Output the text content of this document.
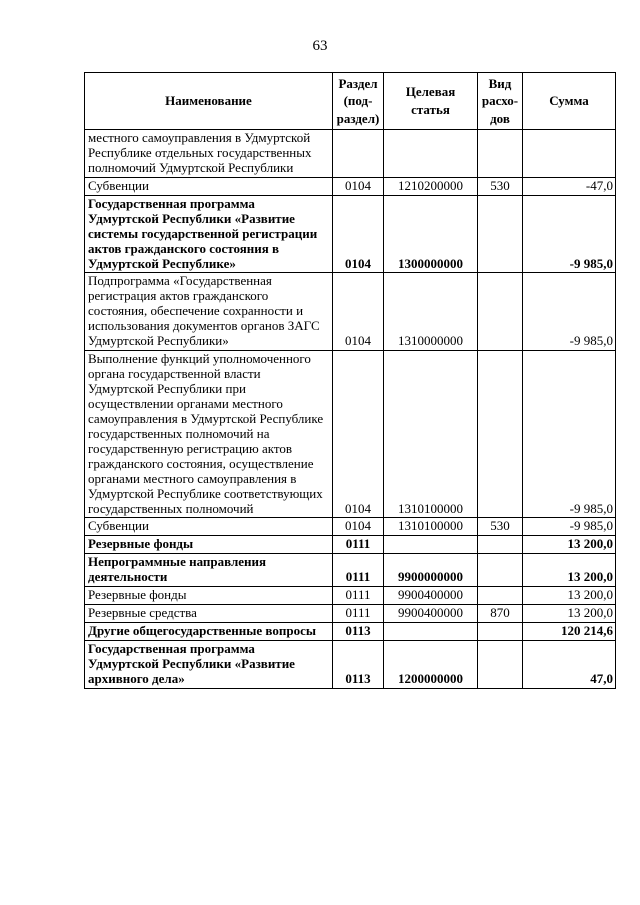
63
Наименование	Раздел (под-раздел)	Целевая статья	Вид расхо-дов	Сумма
местного самоуправления в Удмуртской Республике отдельных государственных полномочий Удмуртской Республики				
Субвенции	0104	1210200000	530	-47,0
Государственная программа Удмуртской Республики «Развитие системы государственной регистрации актов гражданского состояния в Удмуртской Республике»	0104	1300000000		-9 985,0
Подпрограмма «Государственная регистрация актов гражданского состояния, обеспечение сохранности и использования документов органов ЗАГС Удмуртской Республики»	0104	1310000000		-9 985,0
Выполнение функций уполномоченного органа государственной власти Удмуртской Республики при осуществлении органами местного самоуправления в Удмуртской Республике государственных полномочий на государственную регистрацию актов гражданского состояния, осуществление органами местного самоуправления в Удмуртской Республике соответствующих государственных полномочий	0104	1310100000		-9 985,0
Субвенции	0104	1310100000	530	-9 985,0
Резервные фонды	0111			13 200,0
Непрограммные направления деятельности	0111	9900000000		13 200,0
Резервные фонды	0111	9900400000		13 200,0
Резервные средства	0111	9900400000	870	13 200,0
Другие общегосударственные вопросы	0113			120 214,6
Государственная программа Удмуртской Республики «Развитие архивного дела»	0113	1200000000		47,0
